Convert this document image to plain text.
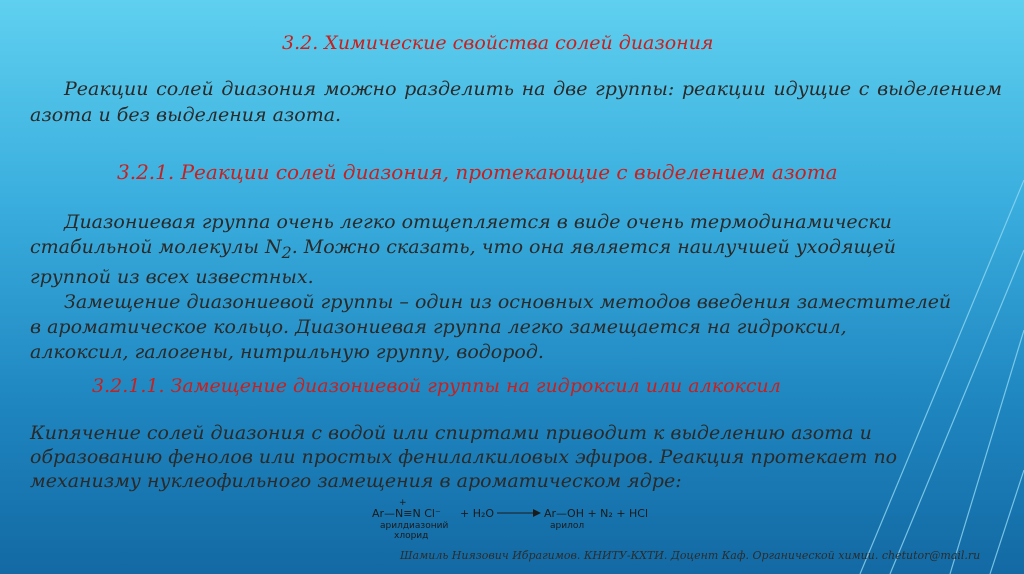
3.2. Химические свойства солей диазония
Реакции солей диазония можно разделить на две группы: реакции идущие с выделением азота и без выделения азота.
3.2.1. Реакции солей диазония, протекающие с выделением азота
Диазониевая группа очень легко отщепляется в виде очень термодинамически
стабильной молекулы $N_2$. Можно сказать, что она является наилучшей уходящей
группой из всех известных.
Замещение диазониевой группы – один из основных методов введения заместителей
в ароматическое кольцо. Диазониевая группа легко замещается на гидроксил,
алкоксил, галогены, нитрильную группу, водород.
3.2.1.1. Замещение диазониевой группы на гидроксил или алкоксил
Кипячение солей диазония с водой или спиртами приводит к выделению азота и образованию фенолов или простых фенилалкиловых эфиров. Реакция протекает по механизму нуклеофильного замещения в ароматическом ядре:
+
Ar—N≡N Cl⁻ + H₂O → Ar—OH + N₂ + HCl
арилдиазоний
хлорид
арилол
Шамиль Ниязович Ибрагимов. КНИТУ-КХТИ. Доцент Каф. Органической химии. chetutor@mail.ru
